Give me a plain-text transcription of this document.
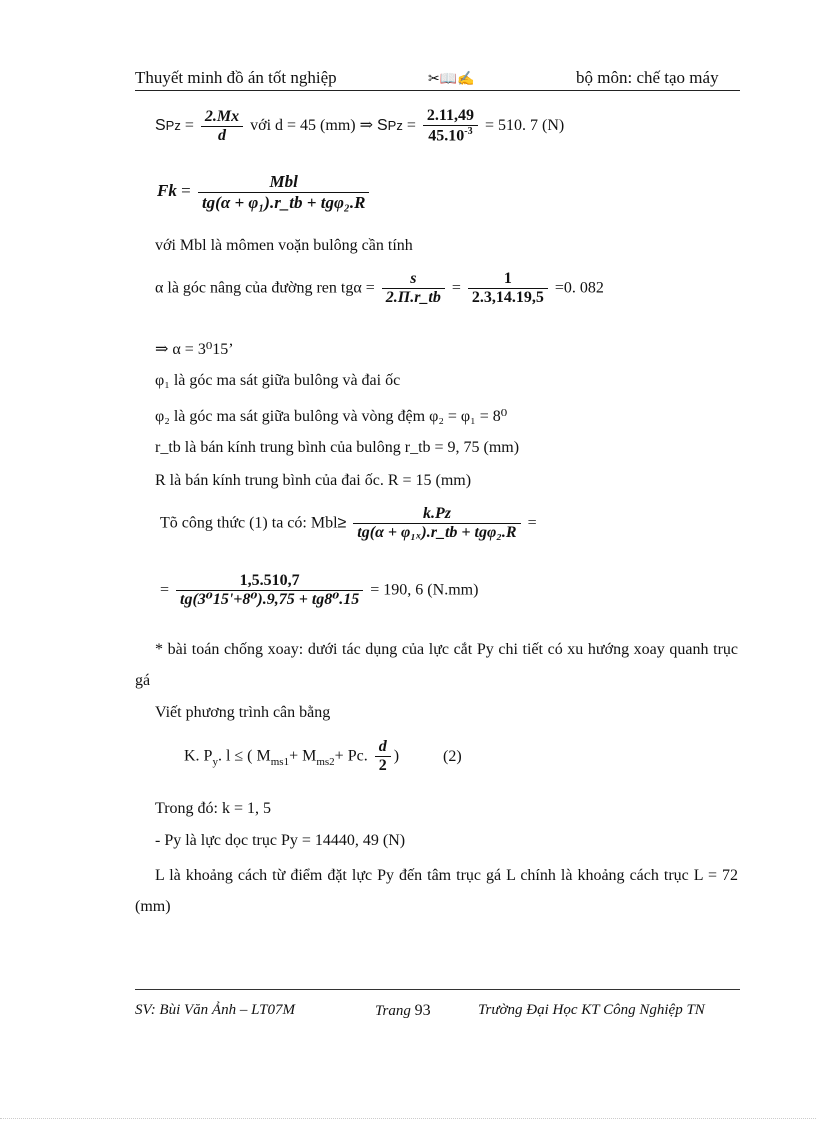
Thuyết minh đồ án tốt nghiệp	✂📖✍	bộ môn: chế tạo máy
SPz = $\frac{2.Mx}{d}$ với d = 45 (mm) ⇒ SPz = $\frac{2.11,49}{45.10^{-3}} = 510$. 7 (N)
$Fk = \frac{\text{Mbl}}{\text{tg(α + φ₁).r\_tb + tgφ₂.R}}$
với Mbl là mômen voặn bulông cần tính
α là góc nâng của đường ren $tg\alpha = \frac{s}{2.\Pi.r\_tb} = \frac{1}{2.3,14.19,5} =0$. 082
⇒ α = 3⁰15’
φ₁ là góc ma sát giữa bulông và đai ốc
φ₂ là góc ma sát giữa bulông và vòng đệm φ₂ = φ₁ = 8⁰
r_tb là bán kính trung bình của bulông r_tb = 9, 75 (mm)
R là bán kính trung bình của đai ốc. R = 15 (mm)
Tõ công thức (1) ta có: $Mbl\ge \frac{k.Pz}{\text{tg(α + φ₁ₓ).r\_tb + tgφ₂.R}}$ =
= $\frac{1,5.510,7}{\text{tg(3⁰15'+8⁰).9,75 + tg8⁰.15}} = 190$, 6 (N.mm)
* bài toán chống xoay: dưới tác dụng của lực cắt Py chi tiết có xu hướng xoay quanh trục gá
Viết phương trình cân bằng
K. $P_y$. l ≤ ( $M_{ms1}+ M_{ms2}+ Pc$. $\frac{d}{2}$ )	(2)
Trong đó: k = 1, 5
- Py là lực dọc trục Py = 14440, 49 (N)
L là khoảng cách từ điểm đặt lực Py đến tâm trục gá L chính là khoảng cách trục L = 72 (mm)
SV: Bùi Văn Ảnh – LT07M	Trang 93	Trường Đại Học KT Công Nghiệp TN
